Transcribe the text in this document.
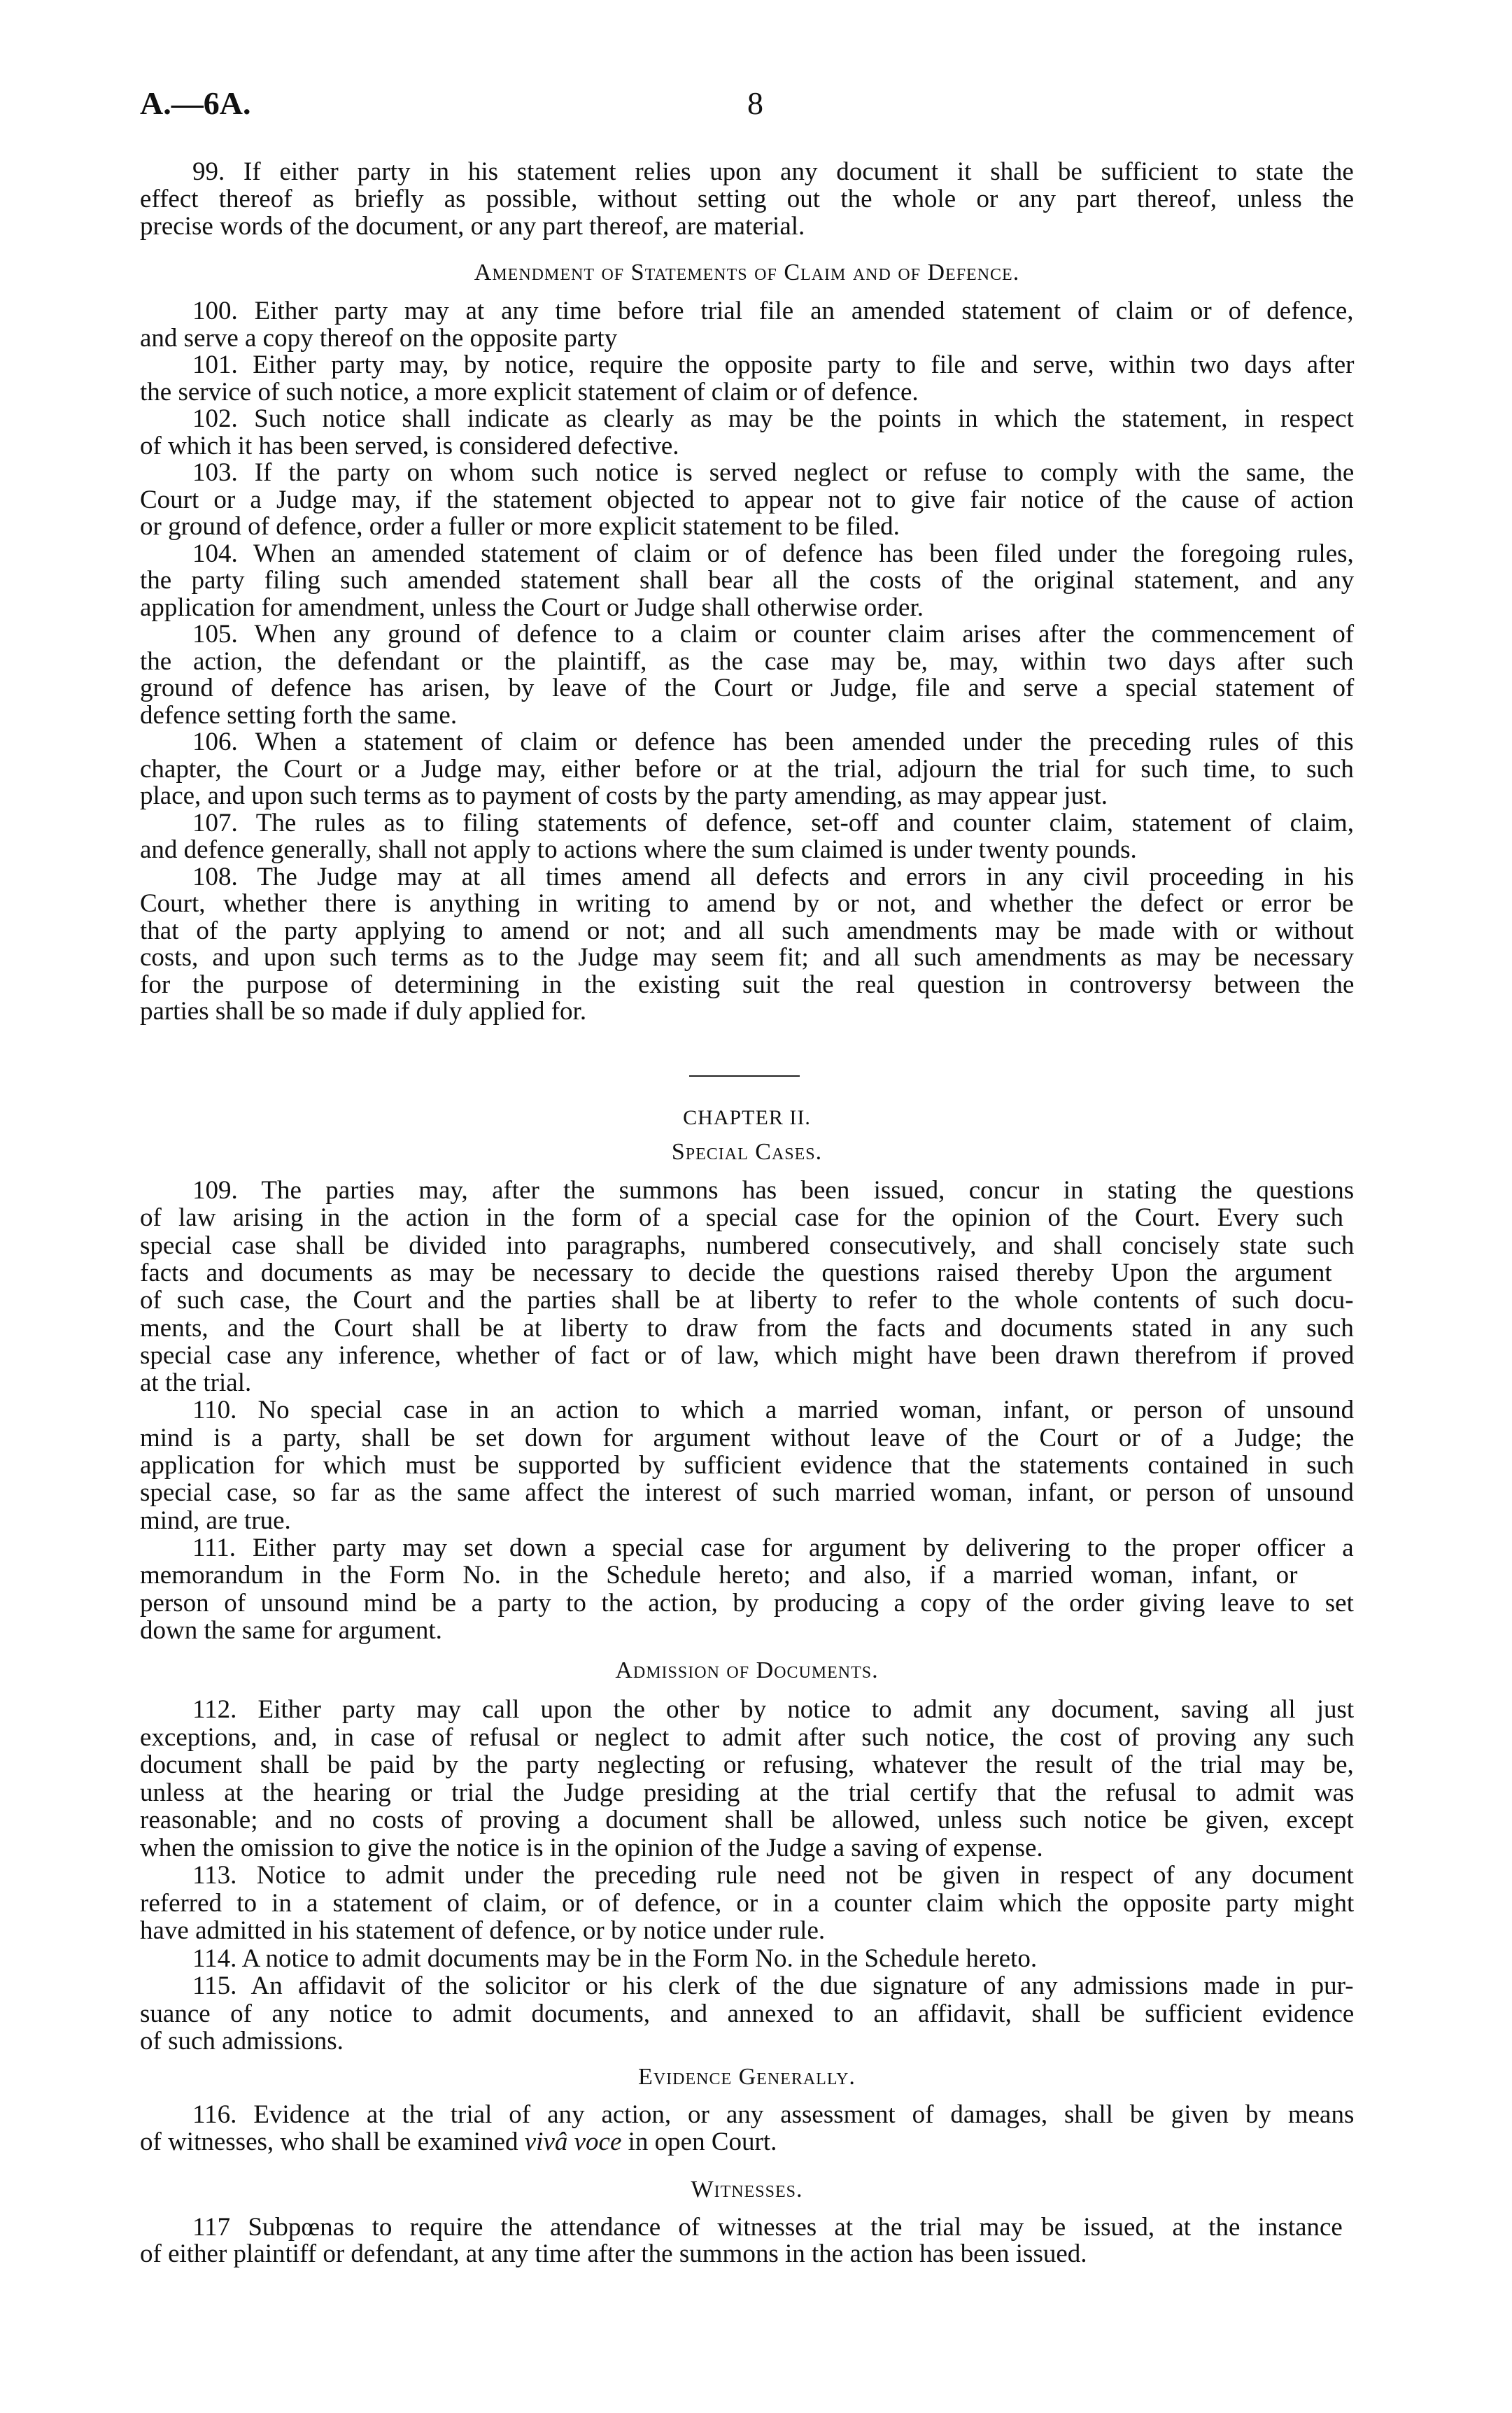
A.—6A.	8
99. If either party in his statement relies upon any document it shall be sufficient to state the
effect thereof as briefly as possible, without setting out the whole or any part thereof, unless the
precise words of the document, or any part thereof, are material.
Amendment of Statements of Claim and of Defence.
100. Either party may at any time before trial file an amended statement of claim or of defence,
and serve a copy thereof on the opposite party
101. Either party may, by notice, require the opposite party to file and serve, within two days after
the service of such notice, a more explicit statement of claim or of defence.
102. Such notice shall indicate as clearly as may be the points in which the statement, in respect
of which it has been served, is considered defective.
103. If the party on whom such notice is served neglect or refuse to comply with the same, the
Court or a Judge may, if the statement objected to appear not to give fair notice of the cause of action
or ground of defence, order a fuller or more explicit statement to be filed.
104. When an amended statement of claim or of defence has been filed under the foregoing rules,
the party filing such amended statement shall bear all the costs of the original statement, and any
application for amendment, unless the Court or Judge shall otherwise order.
105. When any ground of defence to a claim or counter claim arises after the commencement of
the action, the defendant or the plaintiff, as the case may be, may, within two days after such
ground of defence has arisen, by leave of the Court or Judge, file and serve a special statement of
defence setting forth the same.
106. When a statement of claim or defence has been amended under the preceding rules of this
chapter, the Court or a Judge may, either before or at the trial, adjourn the trial for such time, to such
place, and upon such terms as to payment of costs by the party amending, as may appear just.
107. The rules as to filing statements of defence, set-off and counter claim, statement of claim,
and defence generally, shall not apply to actions where the sum claimed is under twenty pounds.
108. The Judge may at all times amend all defects and errors in any civil proceeding in his
Court, whether there is anything in writing to amend by or not, and whether the defect or error be
that of the party applying to amend or not; and all such amendments may be made with or without
costs, and upon such terms as to the Judge may seem fit; and all such amendments as may be necessary
for the purpose of determining in the existing suit the real question in controversy between the
parties shall be so made if duly applied for.
CHAPTER II.
Special Cases.
109. The parties may, after the summons has been issued, concur in stating the questions
of law arising in the action in the form of a special case for the opinion of the Court. Every such
special case shall be divided into paragraphs, numbered consecutively, and shall concisely state such
facts and documents as may be necessary to decide the questions raised thereby Upon the argument
of such case, the Court and the parties shall be at liberty to refer to the whole contents of such docu-
ments, and the Court shall be at liberty to draw from the facts and documents stated in any such
special case any inference, whether of fact or of law, which might have been drawn therefrom if proved
at the trial.
110. No special case in an action to which a married woman, infant, or person of unsound
mind is a party, shall be set down for argument without leave of the Court or of a Judge; the
application for which must be supported by sufficient evidence that the statements contained in such
special case, so far as the same affect the interest of such married woman, infant, or person of unsound
mind, are true.
111. Either party may set down a special case for argument by delivering to the proper officer a
memorandum in the Form No. in the Schedule hereto; and also, if a married woman, infant, or
person of unsound mind be a party to the action, by producing a copy of the order giving leave to set
down the same for argument.
Admission of Documents.
112. Either party may call upon the other by notice to admit any document, saving all just
exceptions, and, in case of refusal or neglect to admit after such notice, the cost of proving any such
document shall be paid by the party neglecting or refusing, whatever the result of the trial may be,
unless at the hearing or trial the Judge presiding at the trial certify that the refusal to admit was
reasonable; and no costs of proving a document shall be allowed, unless such notice be given, except
when the omission to give the notice is in the opinion of the Judge a saving of expense.
113. Notice to admit under the preceding rule need not be given in respect of any document
referred to in a statement of claim, or of defence, or in a counter claim which the opposite party might
have admitted in his statement of defence, or by notice under rule.
114. A notice to admit documents may be in the Form No. in the Schedule hereto.
115. An affidavit of the solicitor or his clerk of the due signature of any admissions made in pur-
suance of any notice to admit documents, and annexed to an affidavit, shall be sufficient evidence
of such admissions.
Evidence Generally.
116. Evidence at the trial of any action, or any assessment of damages, shall be given by means
of witnesses, who shall be examined vivâ voce in open Court.
Witnesses.
117 Subpœnas to require the attendance of witnesses at the trial may be issued, at the instance
of either plaintiff or defendant, at any time after the summons in the action has been issued.
